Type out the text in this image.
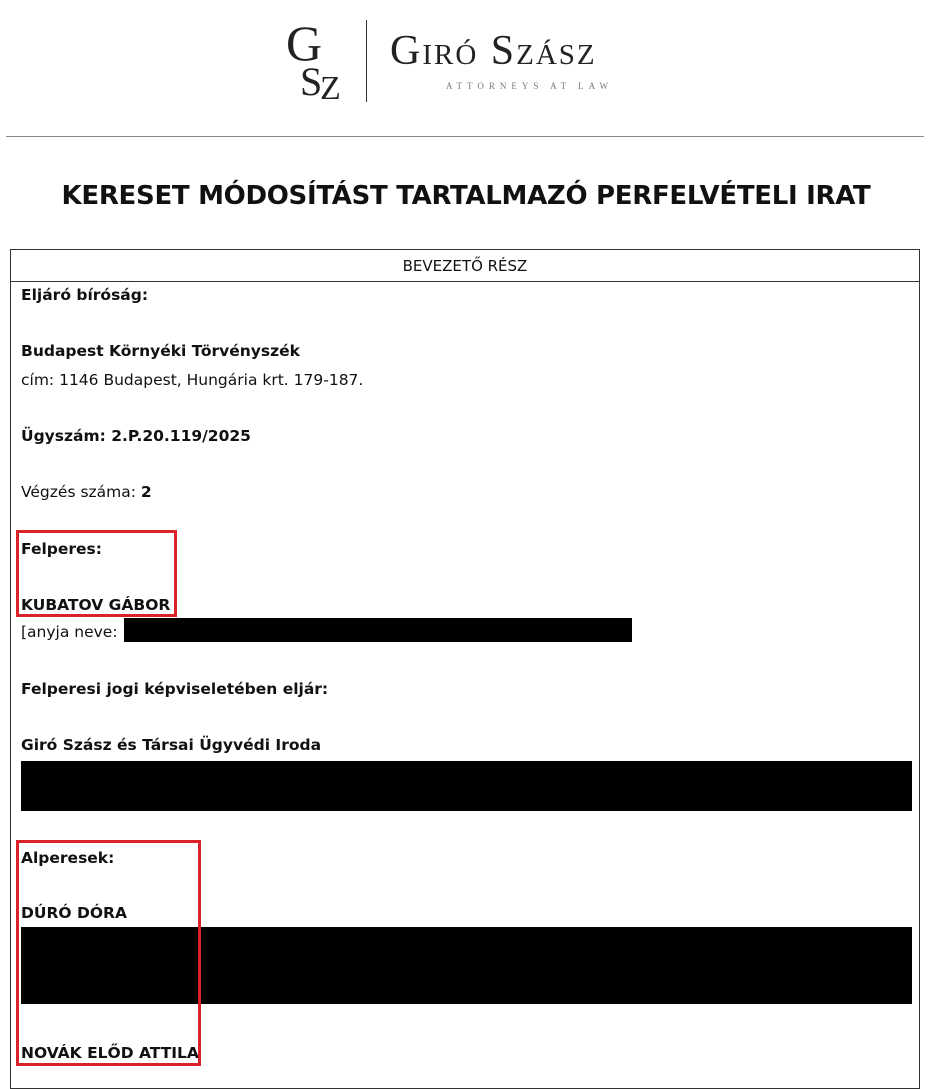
G
S
Z
Giró Szász
ATTORNEYS AT LAW
KERESET MÓDOSÍTÁST TARTALMAZÓ PERFELVÉTELI IRAT
BEVEZETŐ RÉSZ
Eljáró bíróság:
Budapest Környéki Törvényszék
cím: 1146 Budapest, Hungária krt. 179-187.
Ügyszám: 2.P.20.119/2025
Végzés száma: 2
Felperes:
KUBATOV GÁBOR
[anyja neve:
Felperesi jogi képviseletében eljár:
Giró Szász és Társai Ügyvédi Iroda
Alperesek:
DÚRÓ DÓRA
NOVÁK ELŐD ATTILA
